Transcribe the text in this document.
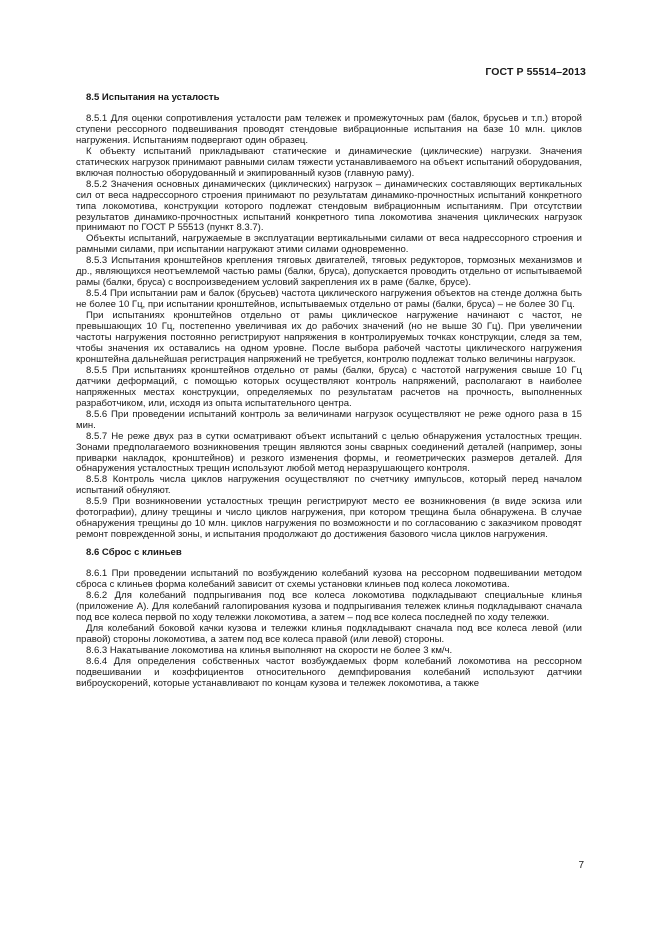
ГОСТ Р 55514–2013
8.5 Испытания на усталость

8.5.1 Для оценки сопротивления усталости рам тележек и промежуточных рам (балок, брусьев и т.п.) второй ступени рессорного подвешивания проводят стендовые вибрационные испытания на базе 10 млн. циклов нагружения. Испытаниям подвергают один образец.

К объекту испытаний прикладывают статические и динамические (циклические) нагрузки. Значения статических нагрузок принимают равными силам тяжести устанавливаемого на объект испытаний оборудования, включая полностью оборудованный и экипированный кузов (главную раму).

8.5.2 Значения основных динамических (циклических) нагрузок – динамических составляющих вертикальных сил от веса надрессорного строения принимают по результатам динамико-прочностных испытаний конкретного типа локомотива, конструкции которого подлежат стендовым вибрационным испытаниям. При отсутствии результатов динамико-прочностных испытаний конкретного типа локомотива значения циклических нагрузок принимают по ГОСТ Р 55513 (пункт 8.3.7).

Объекты испытаний, нагружаемые в эксплуатации вертикальными силами от веса надрессорного строения и рамными силами, при испытании нагружают этими силами одновременно.

8.5.3 Испытания кронштейнов крепления тяговых двигателей, тяговых редукторов, тормозных механизмов и др., являющихся неотъемлемой частью рамы (балки, бруса), допускается проводить отдельно от испытываемой рамы (балки, бруса) с воспроизведением условий закрепления их в раме (балке, брусе).

8.5.4 При испытании рам и балок (брусьев) частота циклического нагружения объектов на стенде должна быть не более 10 Гц, при испытании кронштейнов, испытываемых отдельно от рамы (балки, бруса) – не более 30 Гц.

При испытаниях кронштейнов отдельно от рамы циклическое нагружение начинают с частот, не превышающих 10 Гц, постепенно увеличивая их до рабочих значений (но не выше 30 Гц). При увеличении частоты нагружения постоянно регистрируют напряжения в контролируемых точках конструкции, следя за тем, чтобы значения их оставались на одном уровне. После выбора рабочей частоты циклического нагружения кронштейна дальнейшая регистрация напряжений не требуется, контролю подлежат только величины нагрузок.

8.5.5 При испытаниях кронштейнов отдельно от рамы (балки, бруса) с частотой нагружения свыше 10 Гц датчики деформаций, с помощью которых осуществляют контроль напряжений, располагают в наиболее напряженных местах конструкции, определяемых по результатам расчетов на прочность, выполненных разработчиком, или, исходя из опыта испытательного центра.

8.5.6 При проведении испытаний контроль за величинами нагрузок осуществляют не реже одного раза в 15 мин.

8.5.7 Не реже двух раз в сутки осматривают объект испытаний с целью обнаружения усталостных трещин. Зонами предполагаемого возникновения трещин являются зоны сварных соединений деталей (например, зоны приварки накладок, кронштейнов) и резкого изменения формы, и геометрических размеров деталей. Для обнаружения усталостных трещин используют любой метод неразрушающего контроля.

8.5.8 Контроль числа циклов нагружения осуществляют по счетчику импульсов, который перед началом испытаний обнуляют.

8.5.9 При возникновении усталостных трещин регистрируют место ее возникновения (в виде эскиза или фотографии), длину трещины и число циклов нагружения, при котором трещина была обнаружена. В случае обнаружения трещины до 10 млн. циклов нагружения по возможности и по согласованию с заказчиком проводят ремонт поврежденной зоны, и испытания продолжают до достижения базового числа циклов нагружения.

8.6 Сброс с клиньев

8.6.1 При проведении испытаний по возбуждению колебаний кузова на рессорном подвешивании методом сброса с клиньев форма колебаний зависит от схемы установки клиньев под колеса локомотива.

8.6.2 Для колебаний подпрыгивания под все колеса локомотива подкладывают специальные клинья (приложение А). Для колебаний галопирования кузова и подпрыгивания тележек клинья подкладывают сначала под все колеса первой по ходу тележки локомотива, а затем – под все колеса последней по ходу тележки.

Для колебаний боковой качки кузова и тележки клинья подкладывают сначала под все колеса левой (или правой) стороны локомотива, а затем под все колеса правой (или левой) стороны.

8.6.3 Накатывание локомотива на клинья выполняют на скорости не более 3 км/ч.

8.6.4 Для определения собственных частот возбуждаемых форм колебаний локомотива на рессорном подвешивании и коэффициентов относительного демпфирования колебаний используют датчики виброускорений, которые устанавливают по концам кузова и тележек локомотива, а также

7
